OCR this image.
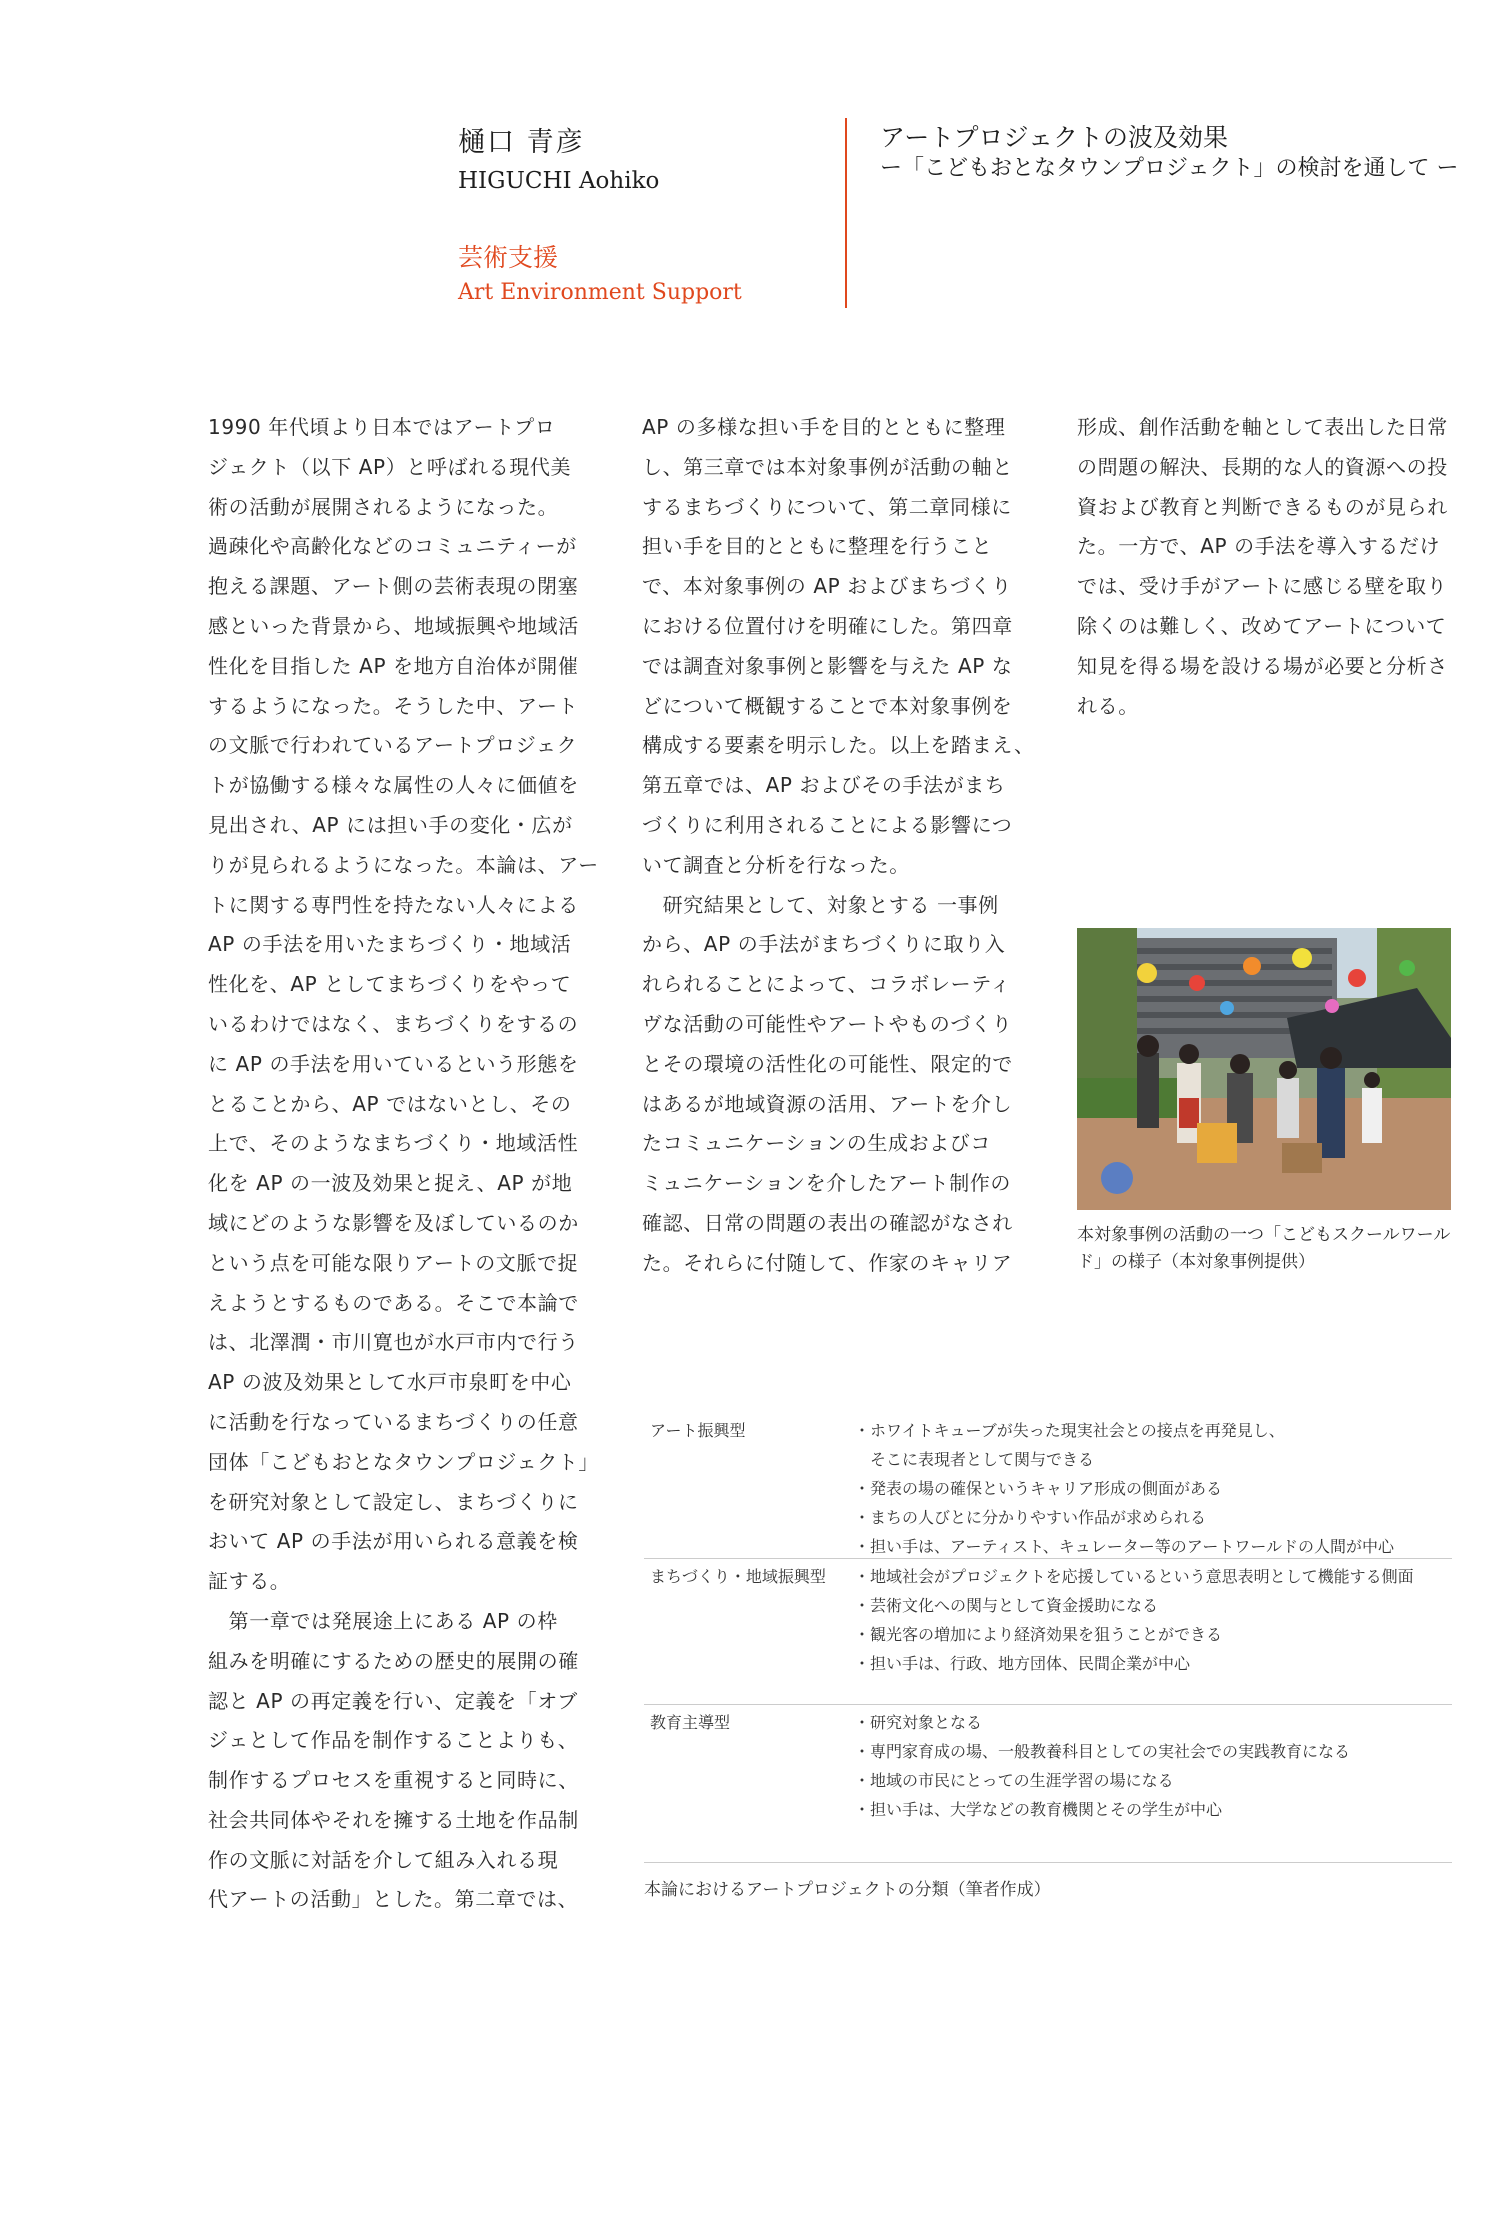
樋口 青彦
HIGUCHI Aohiko
芸術支援
Art Environment Support
アートプロジェクトの波及効果
ー「こどもおとなタウンプロジェクト」の検討を通して ー

1990 年代頃より日本ではアートプロ

ジェクト（以下 AP）と呼ばれる現代美

術の活動が展開されるようになった。

過疎化や高齢化などのコミュニティーが

抱える課題、アート側の芸術表現の閉塞

感といった背景から、地域振興や地域活

性化を目指した AP を地方自治体が開催

するようになった。そうした中、アート

の文脈で行われているアートプロジェク

トが協働する様々な属性の人々に価値を

見出され、AP には担い手の変化・広が

りが見られるようになった。本論は、アー

トに関する専門性を持たない人々による

AP の手法を用いたまちづくり・地域活

性化を、AP としてまちづくりをやって

いるわけではなく、まちづくりをするの

に AP の手法を用いているという形態を

とることから、AP ではないとし、その

上で、そのようなまちづくり・地域活性

化を AP の一波及効果と捉え、AP が地

域にどのような影響を及ぼしているのか

という点を可能な限りアートの文脈で捉

えようとするものである。そこで本論で

は、北澤潤・市川寛也が水戸市内で行う

AP の波及効果として水戸市泉町を中心

に活動を行なっているまちづくりの任意

団体「こどもおとなタウンプロジェクト」

を研究対象として設定し、まちづくりに

おいて AP の手法が用いられる意義を検

証する。

　第一章では発展途上にある AP の枠

組みを明確にするための歴史的展開の確

認と AP の再定義を行い、定義を「オブ

ジェとして作品を制作することよりも、

制作するプロセスを重視すると同時に、

社会共同体やそれを擁する土地を作品制

作の文脈に対話を介して組み入れる現

代アートの活動」とした。第二章では、

AP の多様な担い手を目的とともに整理

し、第三章では本対象事例が活動の軸と

するまちづくりについて、第二章同様に

担い手を目的とともに整理を行うこと

で、本対象事例の AP およびまちづくり

における位置付けを明確にした。第四章

では調査対象事例と影響を与えた AP な

どについて概観することで本対象事例を

構成する要素を明示した。以上を踏まえ、

第五章では、AP およびその手法がまち

づくりに利用されることによる影響につ

いて調査と分析を行なった。

　研究結果として、対象とする 一事例

から、AP の手法がまちづくりに取り入

れられることによって、コラボレーティ

ヴな活動の可能性やアートやものづくり

とその環境の活性化の可能性、限定的で

はあるが地域資源の活用、アートを介し

たコミュニケーションの生成およびコ

ミュニケーションを介したアート制作の

確認、日常の問題の表出の確認がなされ

た。それらに付随して、作家のキャリア

形成、創作活動を軸として表出した日常

の問題の解決、長期的な人的資源への投

資および教育と判断できるものが見られ

た。一方で、AP の手法を導入するだけ

では、受け手がアートに感じる壁を取り

除くのは難しく、改めてアートについて

知見を得る場を設ける場が必要と分析さ

れる。

本対象事例の活動の一つ「こどもスクールワール
ド」の様子（本対象事例提供）
アート振興型	・ホワイトキューブが失った現実社会との接点を再発見し、
　そこに表現者として関与できる
・発表の場の確保というキャリア形成の側面がある
・まちの人びとに分かりやすい作品が求められる
・担い手は、アーティスト、キュレーター等のアートワールドの人間が中心
まちづくり・地域振興型 ・地域社会がプロジェクトを応援しているという意思表明として機能する側面
・芸術文化への関与として資金援助になる
・観光客の増加により経済効果を狙うことができる
・担い手は、行政、地方団体、民間企業が中心
教育主導型	・研究対象となる
・専門家育成の場、一般教養科目としての実社会での実践教育になる
・地域の市民にとっての生涯学習の場になる
・担い手は、大学などの教育機関とその学生が中心
本論におけるアートプロジェクトの分類（筆者作成）
